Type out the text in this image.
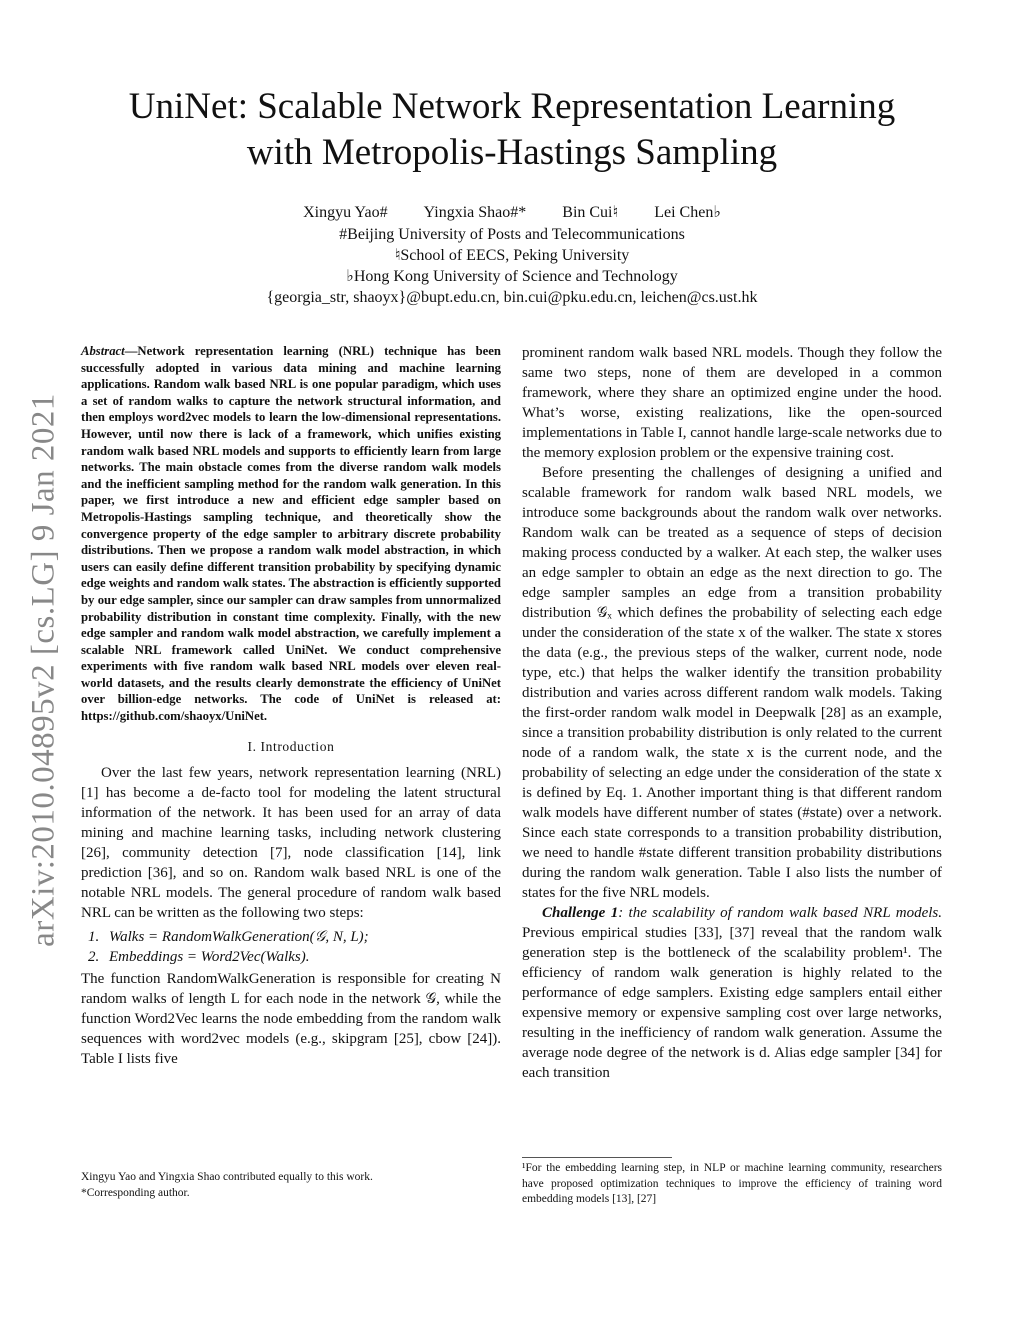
arXiv:2010.04895v2 [cs.LG] 9 Jan 2021
UniNet: Scalable Network Representation Learning
with Metropolis-Hastings Sampling
Xingyu Yao# Yingxia Shao#* Bin Cui♮ Lei Chen♭
#Beijing University of Posts and Telecommunications
♮School of EECS, Peking University
♭Hong Kong University of Science and Technology
{georgia_str, shaoyx}@bupt.edu.cn, bin.cui@pku.edu.cn, leichen@cs.ust.hk

Abstract—Network representation learning (NRL) technique has been successfully adopted in various data mining and machine learning applications. Random walk based NRL is one popular paradigm, which uses a set of random walks to capture the network structural information, and then employs word2vec models to learn the low-dimensional representations. However, until now there is lack of a framework, which unifies existing random walk based NRL models and supports to efficiently learn from large networks. The main obstacle comes from the diverse random walk models and the inefficient sampling method for the random walk generation. In this paper, we first introduce a new and efficient edge sampler based on Metropolis-Hastings sampling technique, and theoretically show the convergence property of the edge sampler to arbitrary discrete probability distributions. Then we propose a random walk model abstraction, in which users can easily define different transition probability by specifying dynamic edge weights and random walk states. The abstraction is efficiently supported by our edge sampler, since our sampler can draw samples from unnormalized probability distribution in constant time complexity. Finally, with the new edge sampler and random walk model abstraction, we carefully implement a scalable NRL framework called UniNet. We conduct comprehensive experiments with five random walk based NRL models over eleven real-world datasets, and the results clearly demonstrate the efficiency of UniNet over billion-edge networks. The code of UniNet is released at: https://github.com/shaoyx/UniNet.

I. Introduction

Over the last few years, network representation learning (NRL) [1] has become a de-facto tool for modeling the latent structural information of the network. It has been used for an array of data mining and machine learning tasks, including network clustering [26], community detection [7], node classification [14], link prediction [36], and so on. Random walk based NRL is one of the notable NRL models. The general procedure of random walk based NRL can be written as the following two steps:

1. Walks = RandomWalkGeneration(𝒢, N, L);
2. Embeddings = Word2Vec(Walks).

The function RandomWalkGeneration is responsible for creating N random walks of length L for each node in the network 𝒢, while the function Word2Vec learns the node embedding from the random walk sequences with word2vec models (e.g., skipgram [25], cbow [24]). Table I lists five

Xingyu Yao and Yingxia Shao contributed equally to this work.
*Corresponding author.

prominent random walk based NRL models. Though they follow the same two steps, none of them are developed in a common framework, where they share an optimized engine under the hood. What’s worse, existing realizations, like the open-sourced implementations in Table I, cannot handle large-scale networks due to the memory explosion problem or the expensive training cost.

Before presenting the challenges of designing a unified and scalable framework for random walk based NRL models, we introduce some backgrounds about the random walk over networks. Random walk can be treated as a sequence of steps of decision making process conducted by a walker. At each step, the walker uses an edge sampler to obtain an edge as the next direction to go. The edge sampler samples an edge from a transition probability distribution 𝒢ₓ which defines the probability of selecting each edge under the consideration of the state x of the walker. The state x stores the data (e.g., the previous steps of the walker, current node, node type, etc.) that helps the walker identify the transition probability distribution and varies across different random walk models. Taking the first-order random walk model in Deepwalk [28] as an example, since a transition probability distribution is only related to the current node of a random walk, the state x is the current node, and the probability of selecting an edge under the consideration of the state x is defined by Eq. 1. Another important thing is that different random walk models have different number of states (#state) over a network. Since each state corresponds to a transition probability distribution, we need to handle #state different transition probability distributions during the random walk generation. Table I also lists the number of states for the five NRL models.

Challenge 1: the scalability of random walk based NRL models. Previous empirical studies [33], [37] reveal that the random walk generation step is the bottleneck of the scalability problem¹. The efficiency of random walk generation is highly related to the performance of edge samplers. Existing edge samplers entail either expensive memory or expensive sampling cost over large networks, resulting in the inefficiency of random walk generation. Assume the average node degree of the network is d. Alias edge sampler [34] for each transition

¹For the embedding learning step, in NLP or machine learning community, researchers have proposed optimization techniques to improve the efficiency of training word embedding models [13], [27]
